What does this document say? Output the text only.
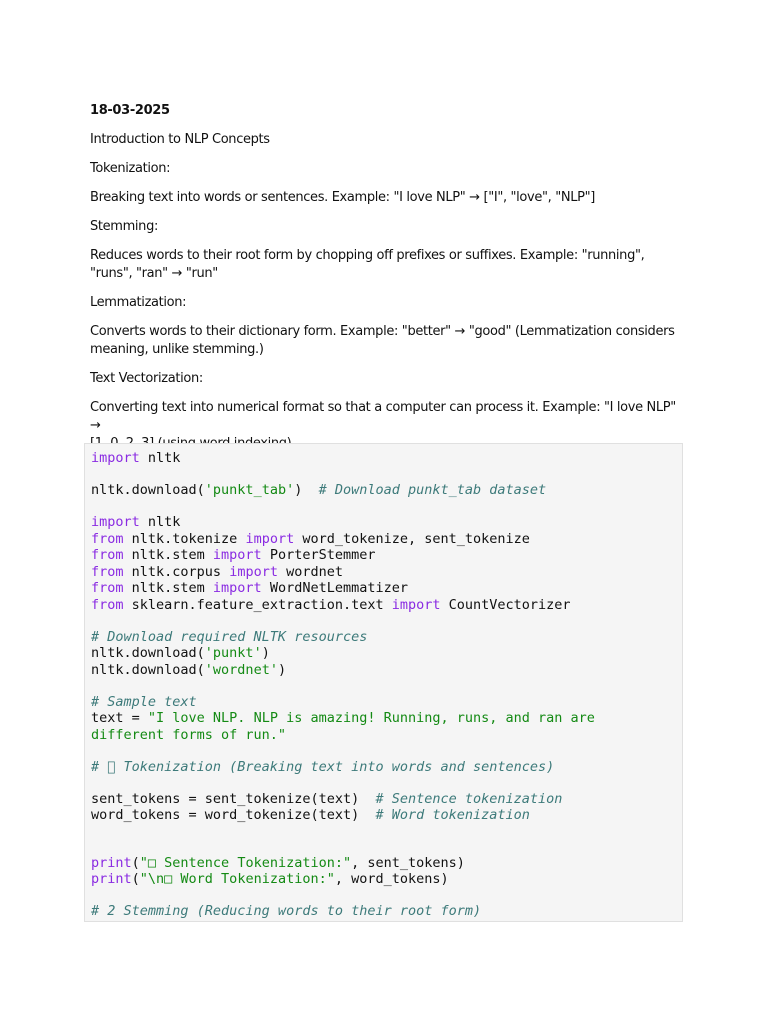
18-03-2025

Introduction to NLP Concepts

Tokenization:

Breaking text into words or sentences. Example: "I love NLP" → ["I", "love", "NLP"]

Stemming:

Reduces words to their root form by chopping off prefixes or suffixes. Example: "running",
"runs", "ran" → "run"

Lemmatization:

Converts words to their dictionary form. Example: "better" → "good" (Lemmatization considers
meaning, unlike stemming.)

Text Vectorization:

Converting text into numerical format so that a computer can process it. Example: "I love NLP" →

import nltk

nltk.download('punkt_tab')  # Download punkt_tab dataset

import nltk
from nltk.tokenize import word_tokenize, sent_tokenize
from nltk.stem import PorterStemmer
from nltk.corpus import wordnet
from nltk.stem import WordNetLemmatizer
from sklearn.feature_extraction.text import CountVectorizer

# Download required NLTK resources
nltk.download('punkt')
nltk.download('wordnet')

# Sample text
text = "I love NLP. NLP is amazing! Running, runs, and ran are
different forms of run."

# ⃣ Tokenization (Breaking text into words and sentences)

sent_tokens = sent_tokenize(text)  # Sentence tokenization
word_tokens = word_tokenize(text)  # Word tokenization

print("□ Sentence Tokenization:", sent_tokens)
print("\n□ Word Tokenization:", word_tokens)

# 2 Stemming (Reducing words to their root form)
